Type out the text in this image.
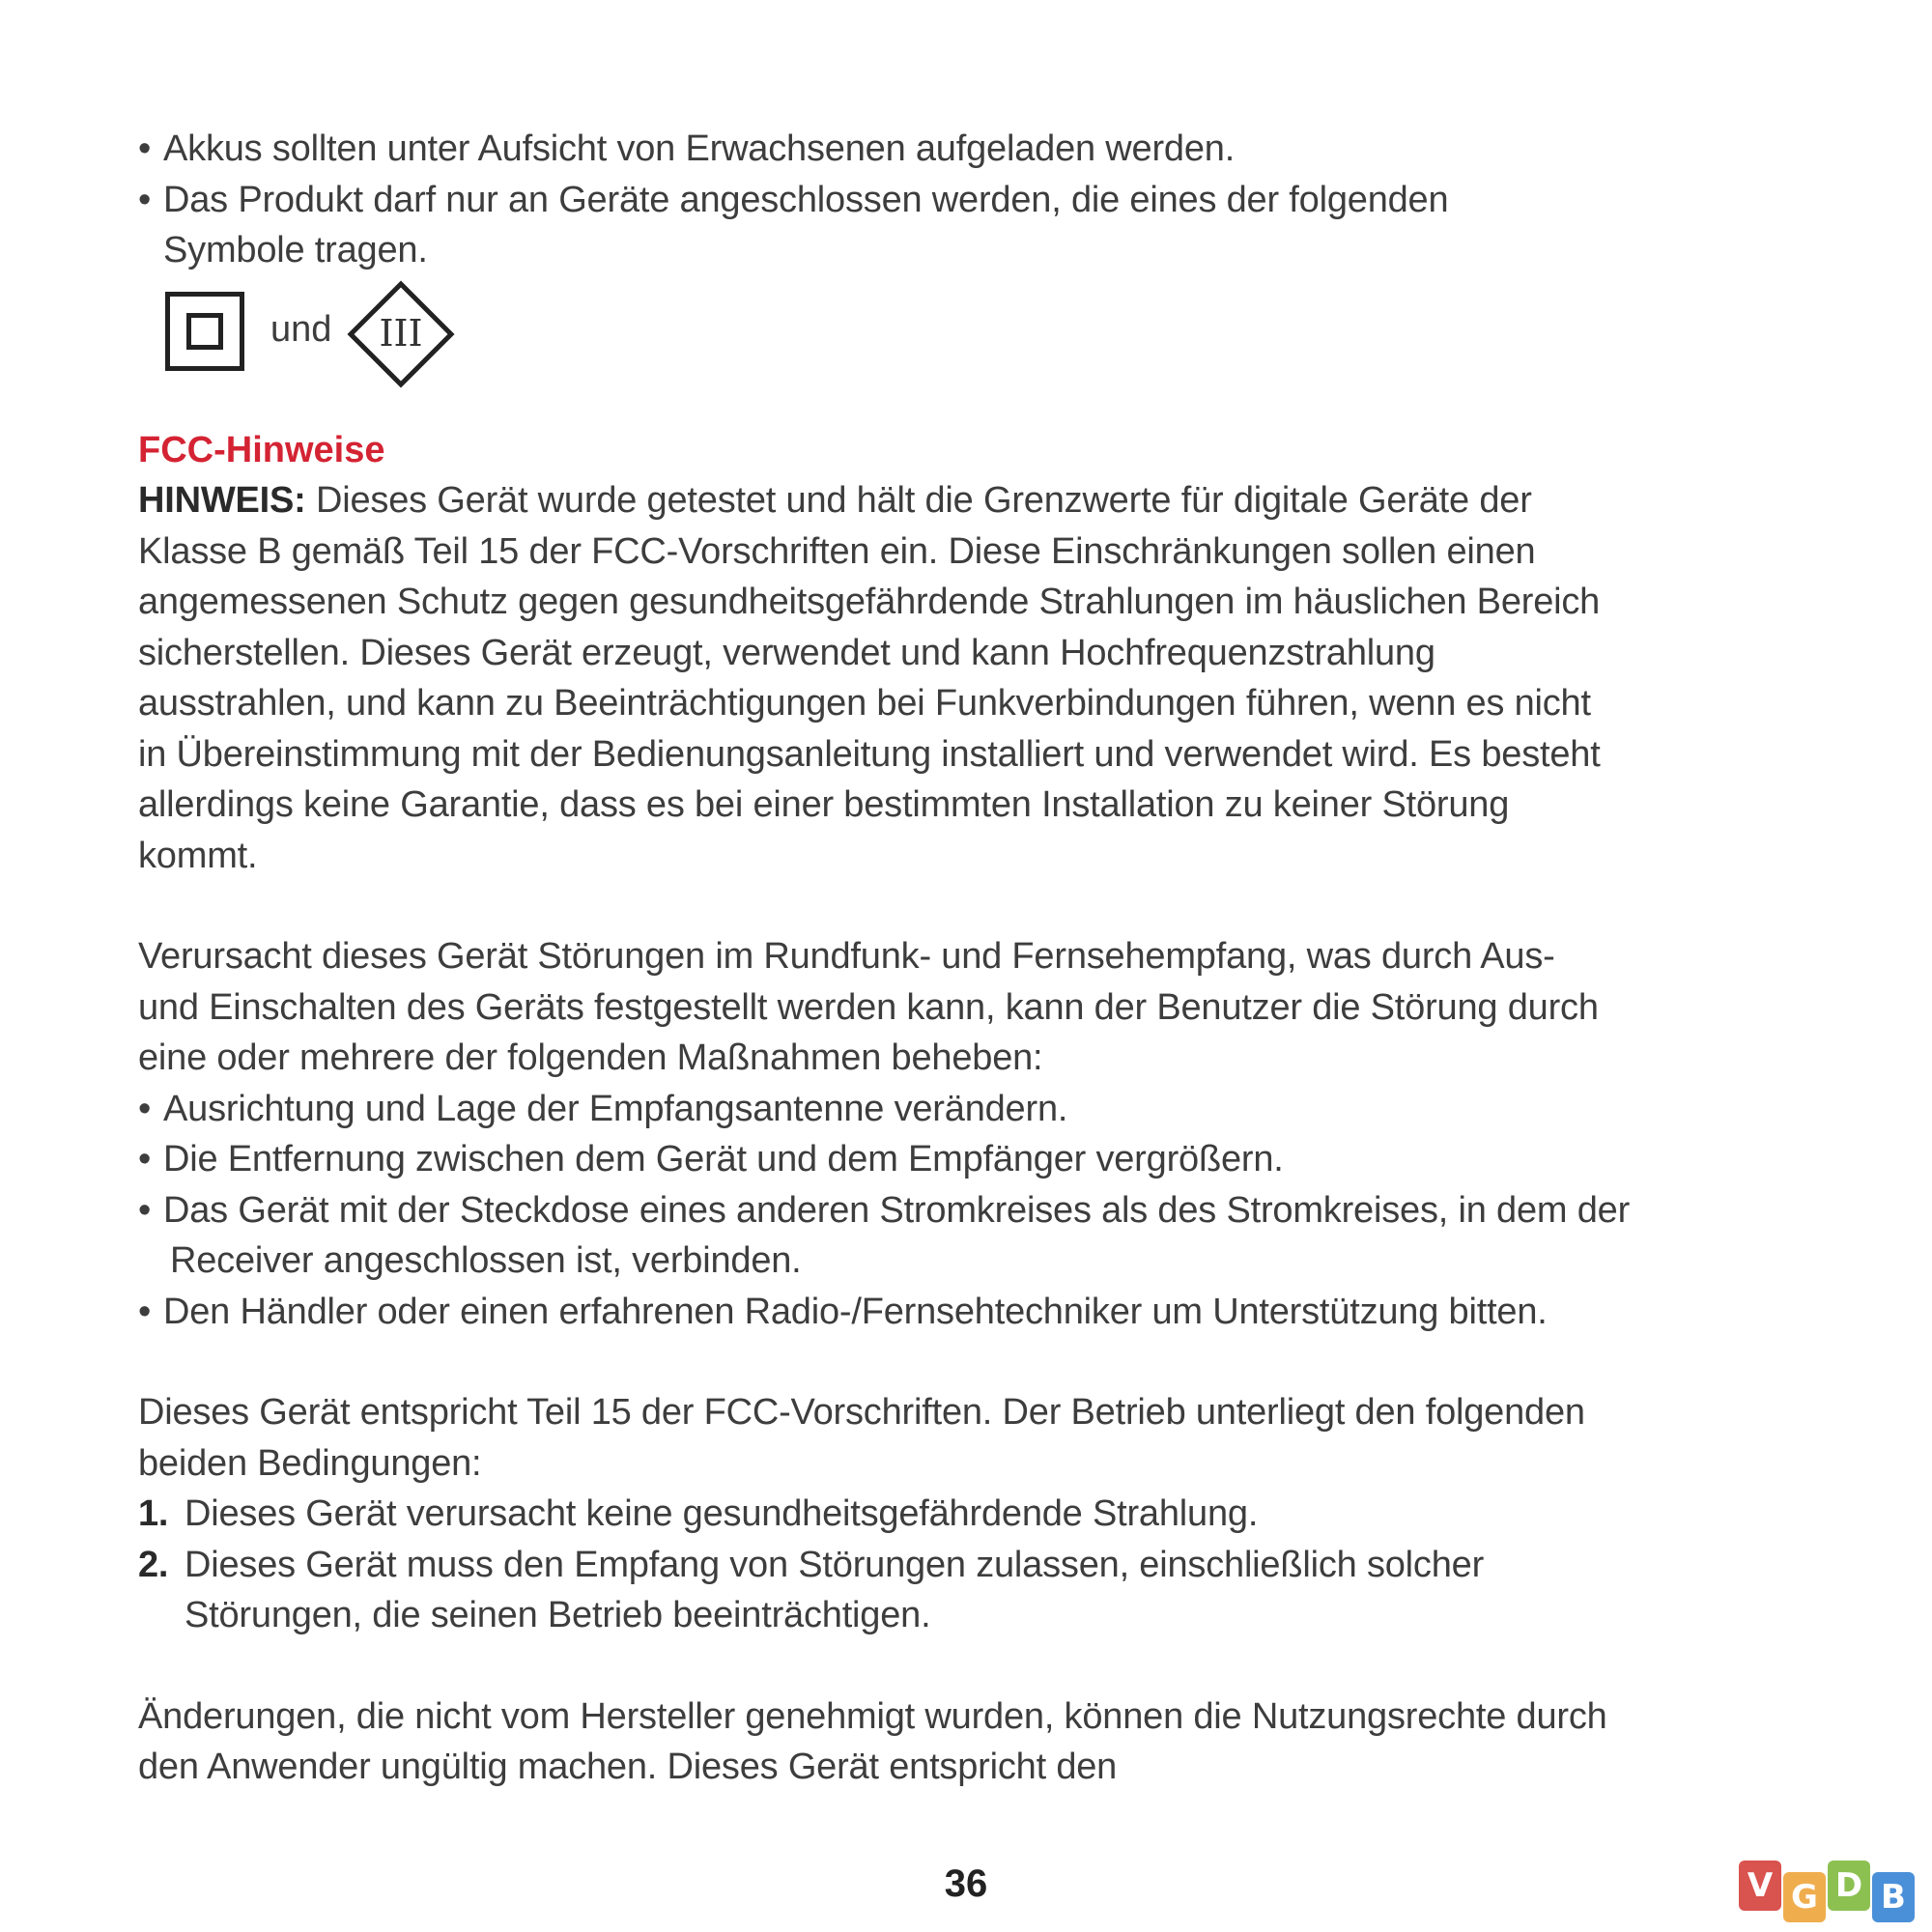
• Akkus sollten unter Aufsicht von Erwachsenen aufgeladen werden.
• Das Produkt darf nur an Geräte angeschlossen werden, die eines der folgenden
Symbole tragen.
und III
FCC-Hinweise
HINWEIS: Dieses Gerät wurde getestet und hält die Grenzwerte für digitale Geräte der
Klasse B gemäß Teil 15 der FCC-Vorschriften ein. Diese Einschränkungen sollen einen
angemessenen Schutz gegen gesundheitsgefährdende Strahlungen im häuslichen Bereich
sicherstellen. Dieses Gerät erzeugt, verwendet und kann Hochfrequenzstrahlung
ausstrahlen, und kann zu Beeinträchtigungen bei Funkverbindungen führen, wenn es nicht
in Übereinstimmung mit der Bedienungsanleitung installiert und verwendet wird. Es besteht
allerdings keine Garantie, dass es bei einer bestimmten Installation zu keiner Störung
kommt.
Verursacht dieses Gerät Störungen im Rundfunk- und Fernsehempfang, was durch Aus-
und Einschalten des Geräts festgestellt werden kann, kann der Benutzer die Störung durch
eine oder mehrere der folgenden Maßnahmen beheben:
• Ausrichtung und Lage der Empfangsantenne verändern.
• Die Entfernung zwischen dem Gerät und dem Empfänger vergrößern.
• Das Gerät mit der Steckdose eines anderen Stromkreises als des Stromkreises, in dem der
Receiver angeschlossen ist, verbinden.
• Den Händler oder einen erfahrenen Radio-/Fernsehtechniker um Unterstützung bitten.
Dieses Gerät entspricht Teil 15 der FCC-Vorschriften. Der Betrieb unterliegt den folgenden
beiden Bedingungen:
1. Dieses Gerät verursacht keine gesundheitsgefährdende Strahlung.
2. Dieses Gerät muss den Empfang von Störungen zulassen, einschließlich solcher
Störungen, die seinen Betrieb beeinträchtigen.
Änderungen, die nicht vom Hersteller genehmigt wurden, können die Nutzungsrechte durch
den Anwender ungültig machen. Dieses Gerät entspricht den
36	V G D B
